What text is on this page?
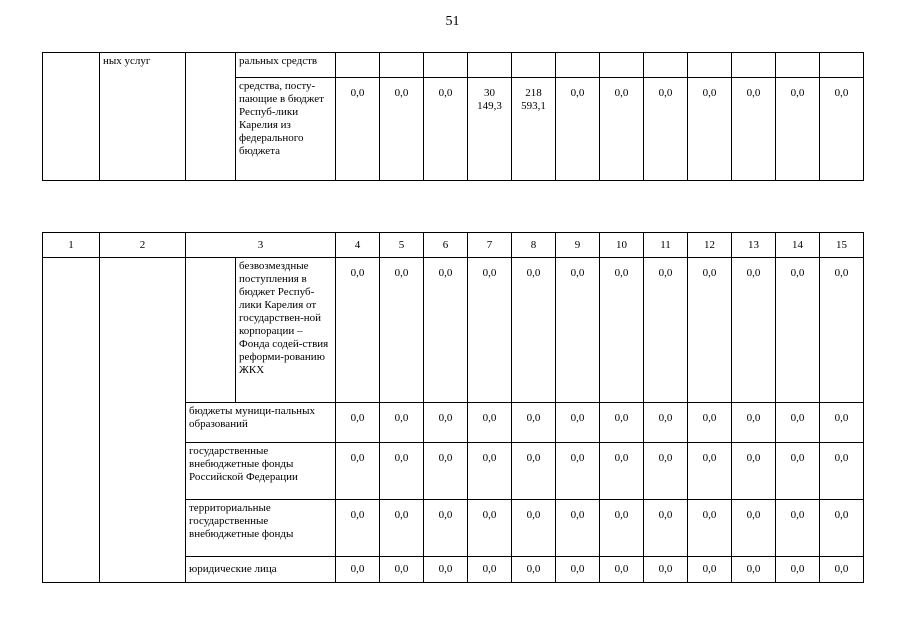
51
	ных услуг		ральных средств												
			средства, посту-пающие в бюджет Респуб-лики Карелия из федерального бюджета	0,0	0,0	0,0	30 149,3	218 593,1	0,0	0,0	0,0	0,0	0,0	0,0	0,0
1	2	3		4	5	6	7	8	9	10	11	12	13	14	15
			безвозмездные поступления в бюджет Респуб-лики Карелия от государствен-ной корпорации – Фонда содей-ствия реформи-рованию ЖКХ	0,0	0,0	0,0	0,0	0,0	0,0	0,0	0,0	0,0	0,0	0,0	0,0
		бюджеты муници-пальных образований		0,0	0,0	0,0	0,0	0,0	0,0	0,0	0,0	0,0	0,0	0,0	0,0
		государственные внебюджетные фонды Российской Федерации		0,0	0,0	0,0	0,0	0,0	0,0	0,0	0,0	0,0	0,0	0,0	0,0
		территориальные государственные внебюджетные фонды		0,0	0,0	0,0	0,0	0,0	0,0	0,0	0,0	0,0	0,0	0,0	0,0
		юридические лица		0,0	0,0	0,0	0,0	0,0	0,0	0,0	0,0	0,0	0,0	0,0	0,0
